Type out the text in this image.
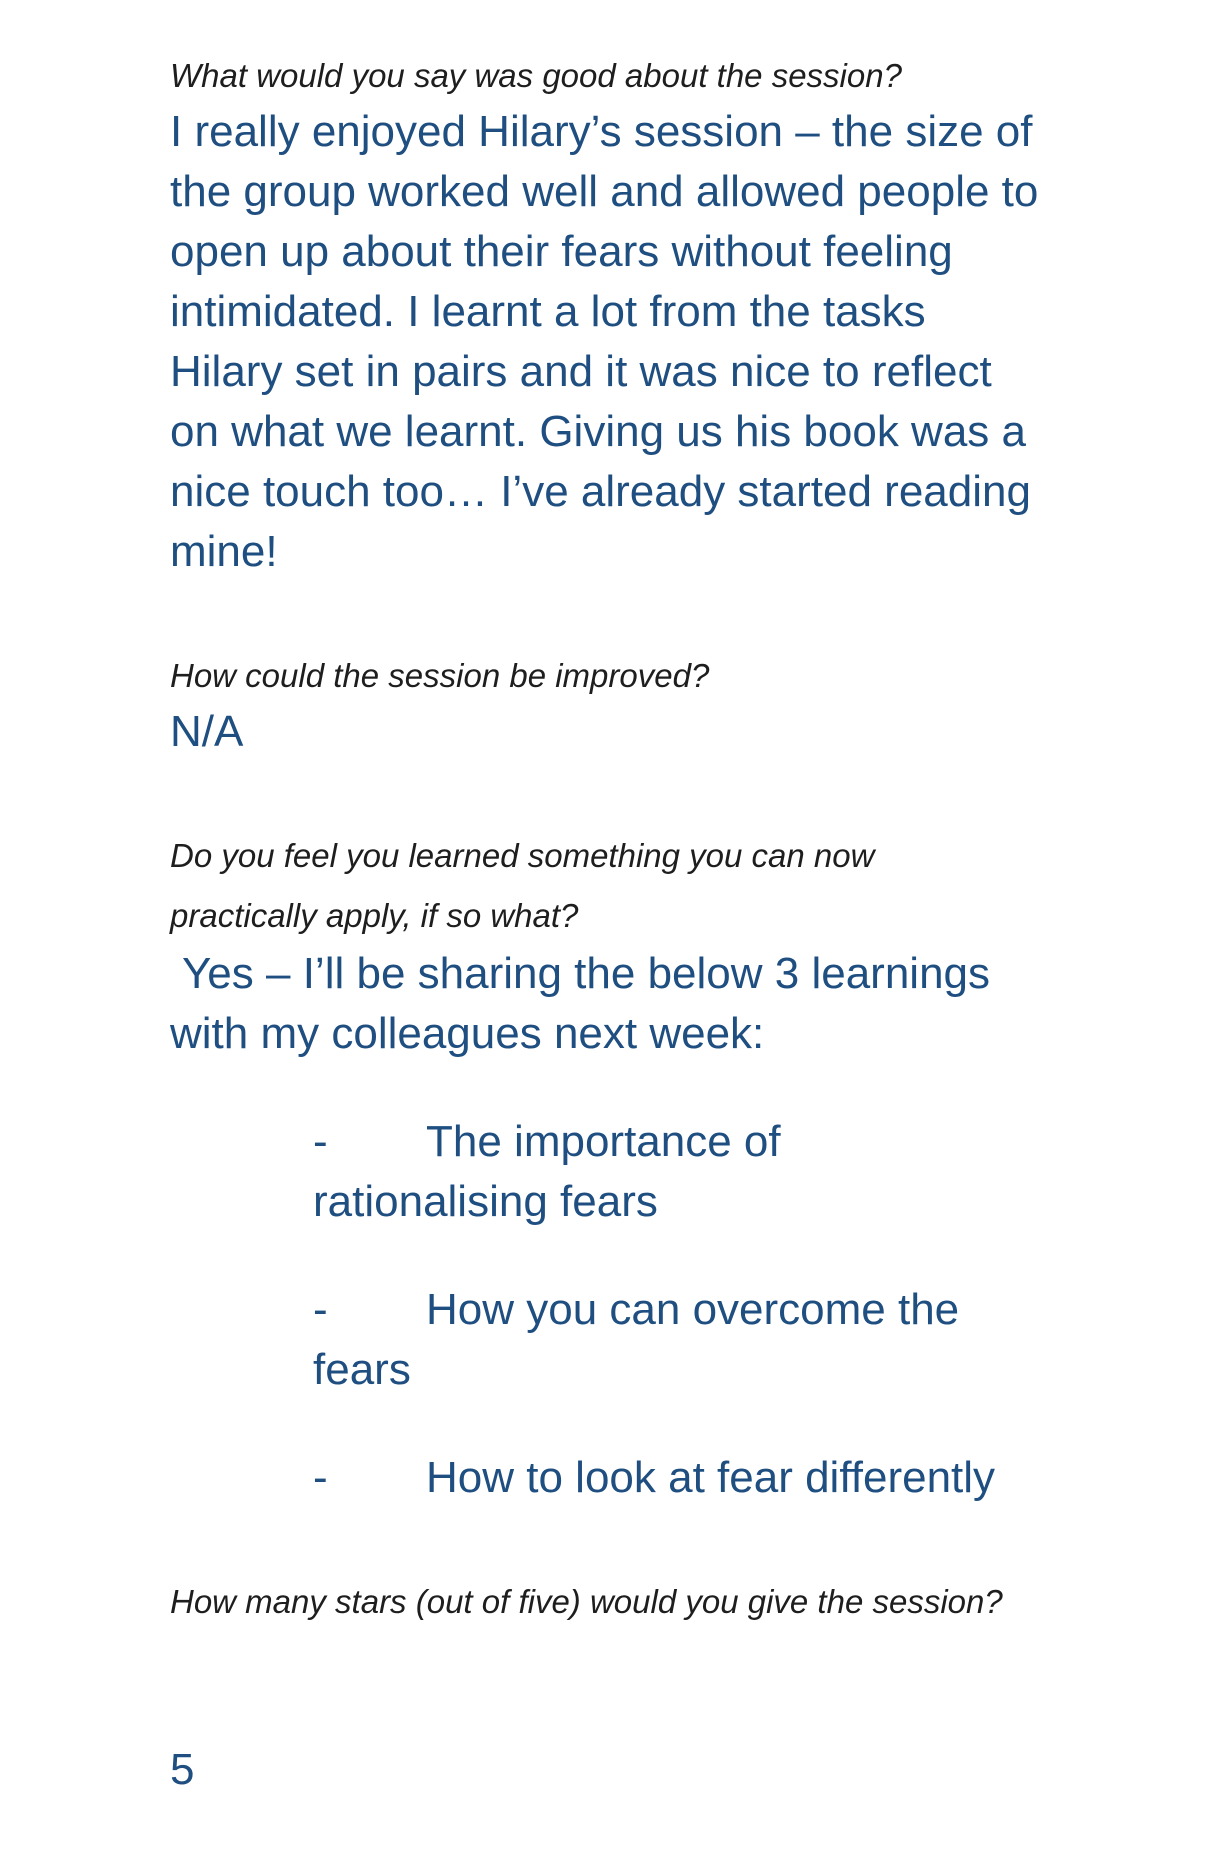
What would you say was good about the session?

I really enjoyed Hilary’s session – the size of the group worked well and allowed people to open up about their fears without feeling intimidated. I learnt a lot from the tasks Hilary set in pairs and it was nice to reflect on what we learnt. Giving us his book was a nice touch too… I’ve already started reading mine!

How could the session be improved?

N/A

Do you feel you learned something you can now practically apply, if so what?

Yes – I’ll be sharing the below 3 learnings with my colleagues next week:

- The importance of rationalising fears
- How you can overcome the fears
- How to look at fear differently

How many stars (out of five) would you give the session?

5
